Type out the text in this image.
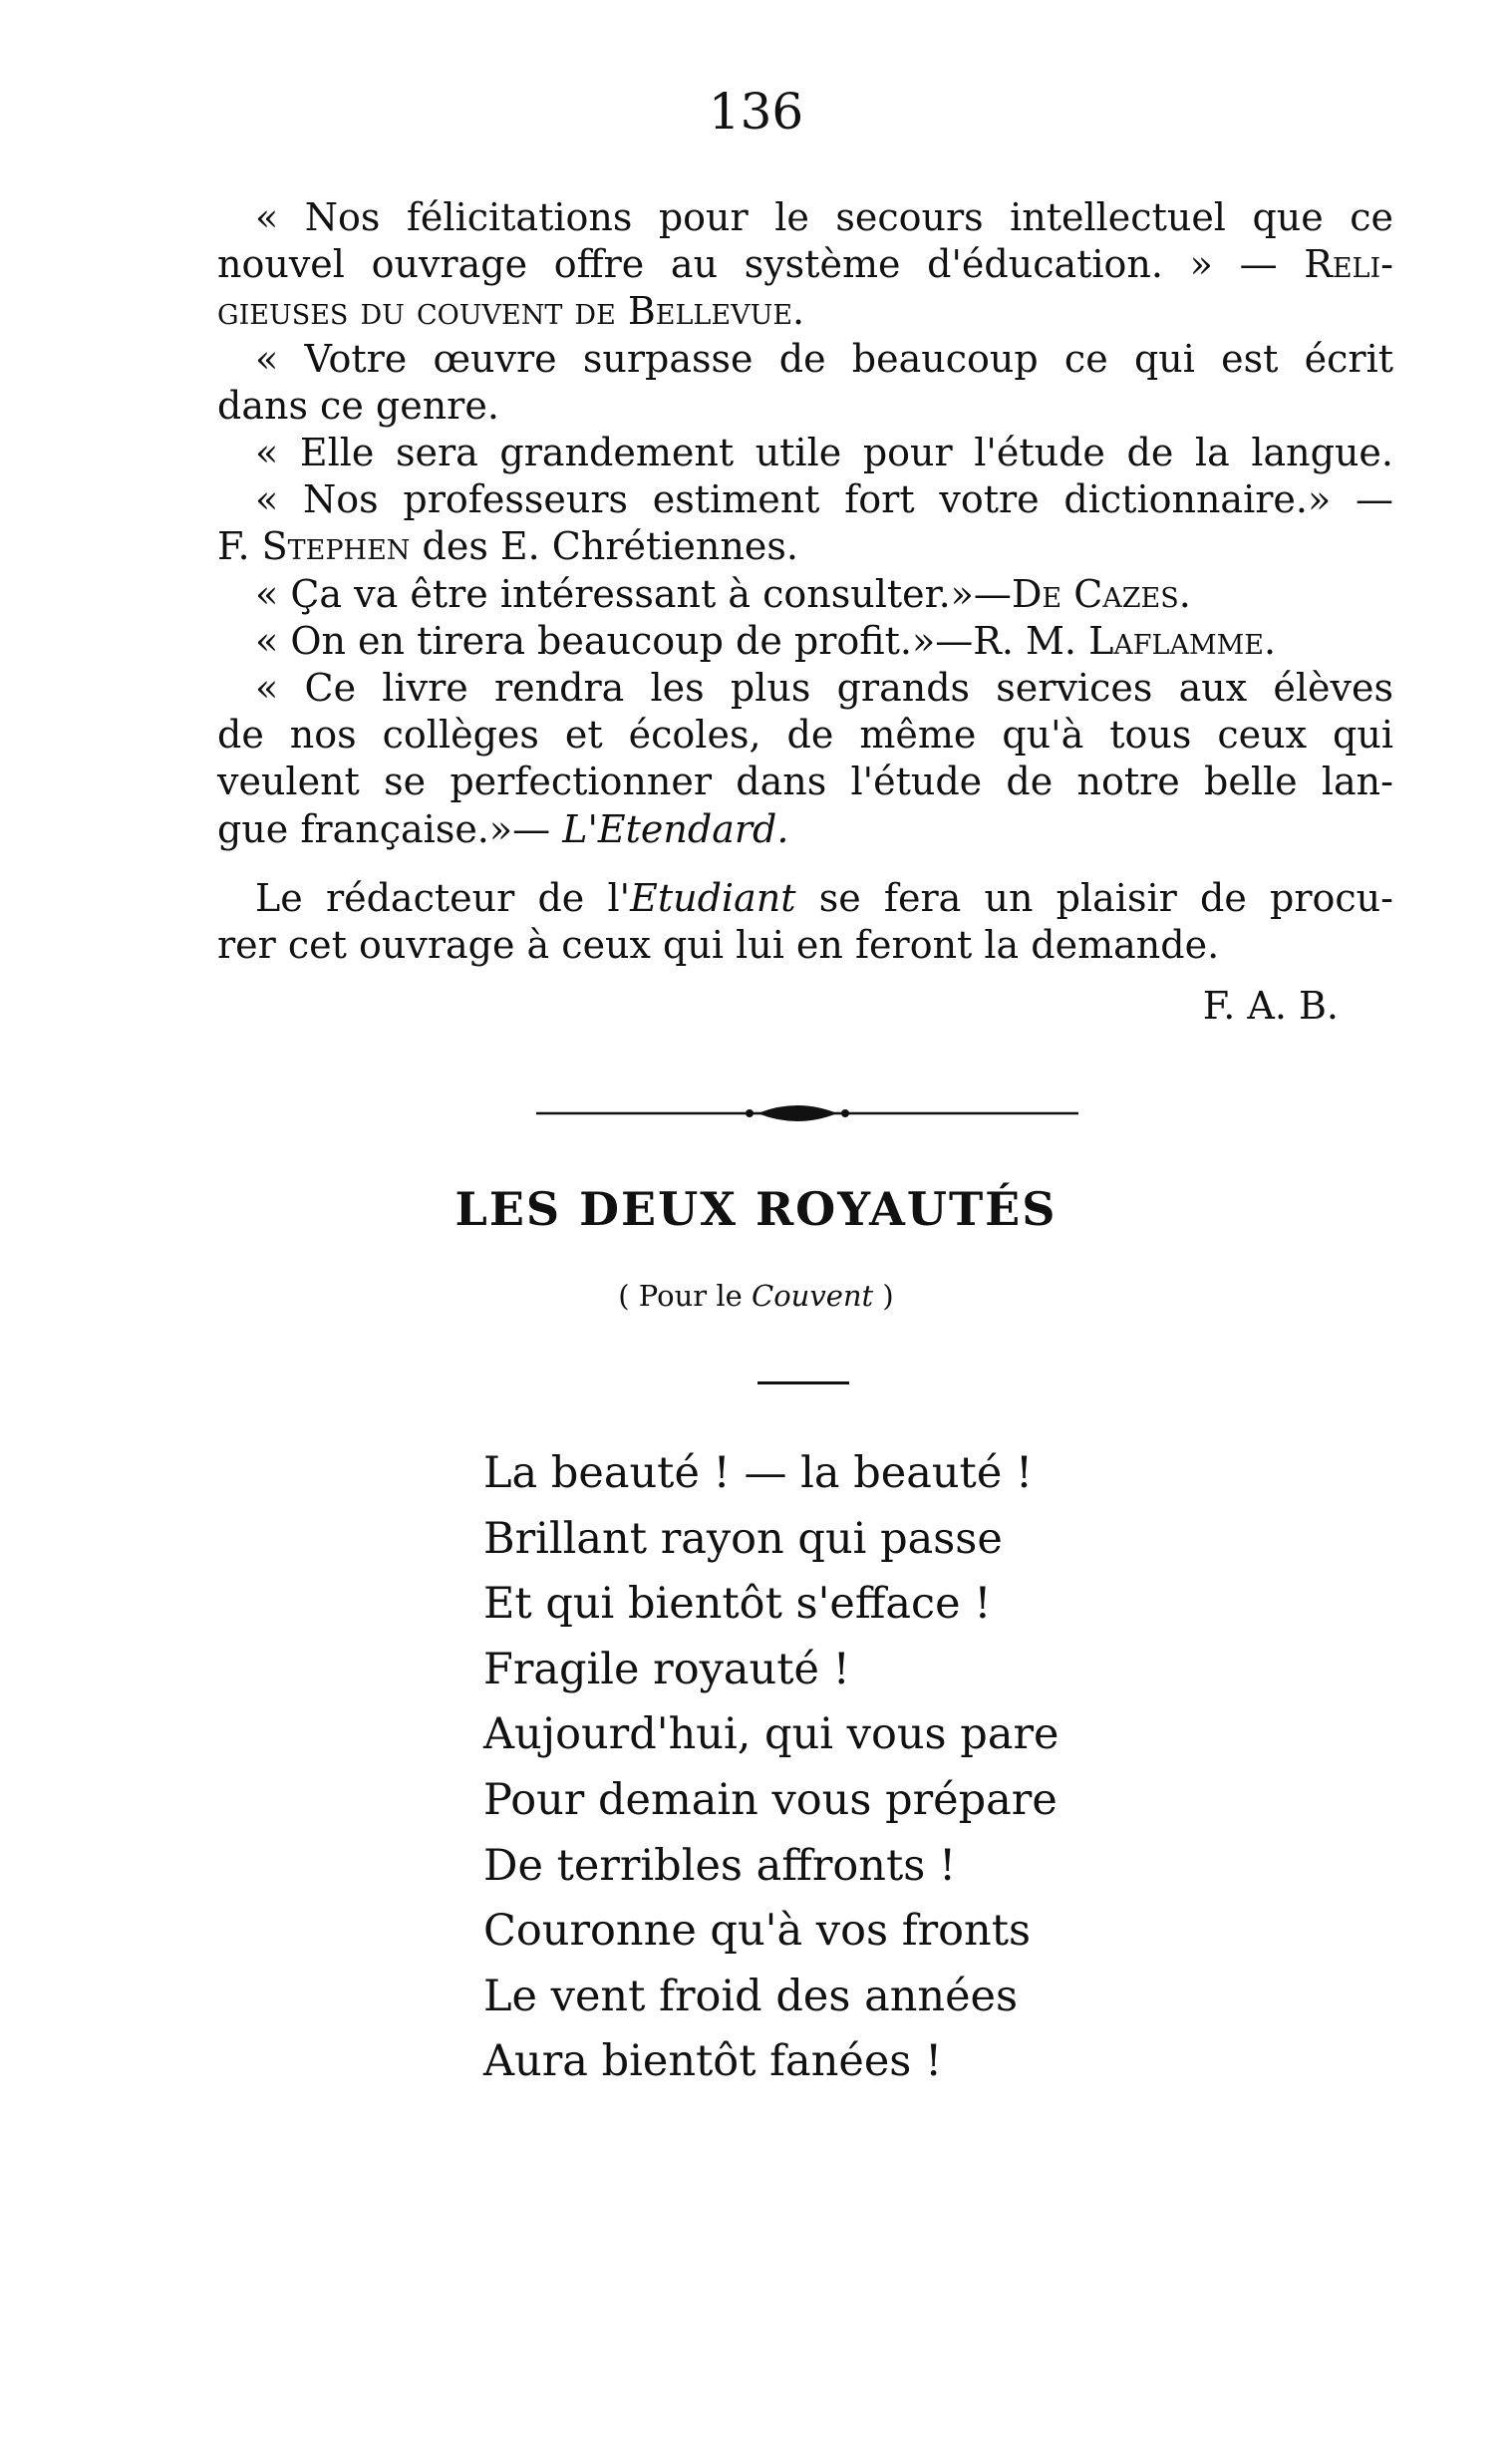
136
« Nos félicitations pour le secours intellectuel que ce
nouvel ouvrage offre au système d'éducation. » — Reli-
gieuses du couvent de Bellevue.
« Votre œuvre surpasse de beaucoup ce qui est écrit
dans ce genre.
« Elle sera grandement utile pour l'étude de la langue.
« Nos professeurs estiment fort votre dictionnaire.» —
F. Stephen des E. Chrétiennes.
« Ça va être intéressant à consulter.»—De Cazes.
« On en tirera beaucoup de profit.»—R. M. Laflamme.
« Ce livre rendra les plus grands services aux élèves
de nos collèges et écoles, de même qu'à tous ceux qui
veulent se perfectionner dans l'étude de notre belle lan-
gue française.»— L'Etendard.
Le rédacteur de l'Etudiant se fera un plaisir de procu-
rer cet ouvrage à ceux qui lui en feront la demande.
F. A. B.
LES DEUX ROYAUTÉS
( Pour le Couvent )
La beauté ! — la beauté !
Brillant rayon qui passe
Et qui bientôt s'efface !
Fragile royauté !
Aujourd'hui, qui vous pare
Pour demain vous prépare
De terribles affronts !
Couronne qu'à vos fronts
Le vent froid des années
Aura bientôt fanées !
